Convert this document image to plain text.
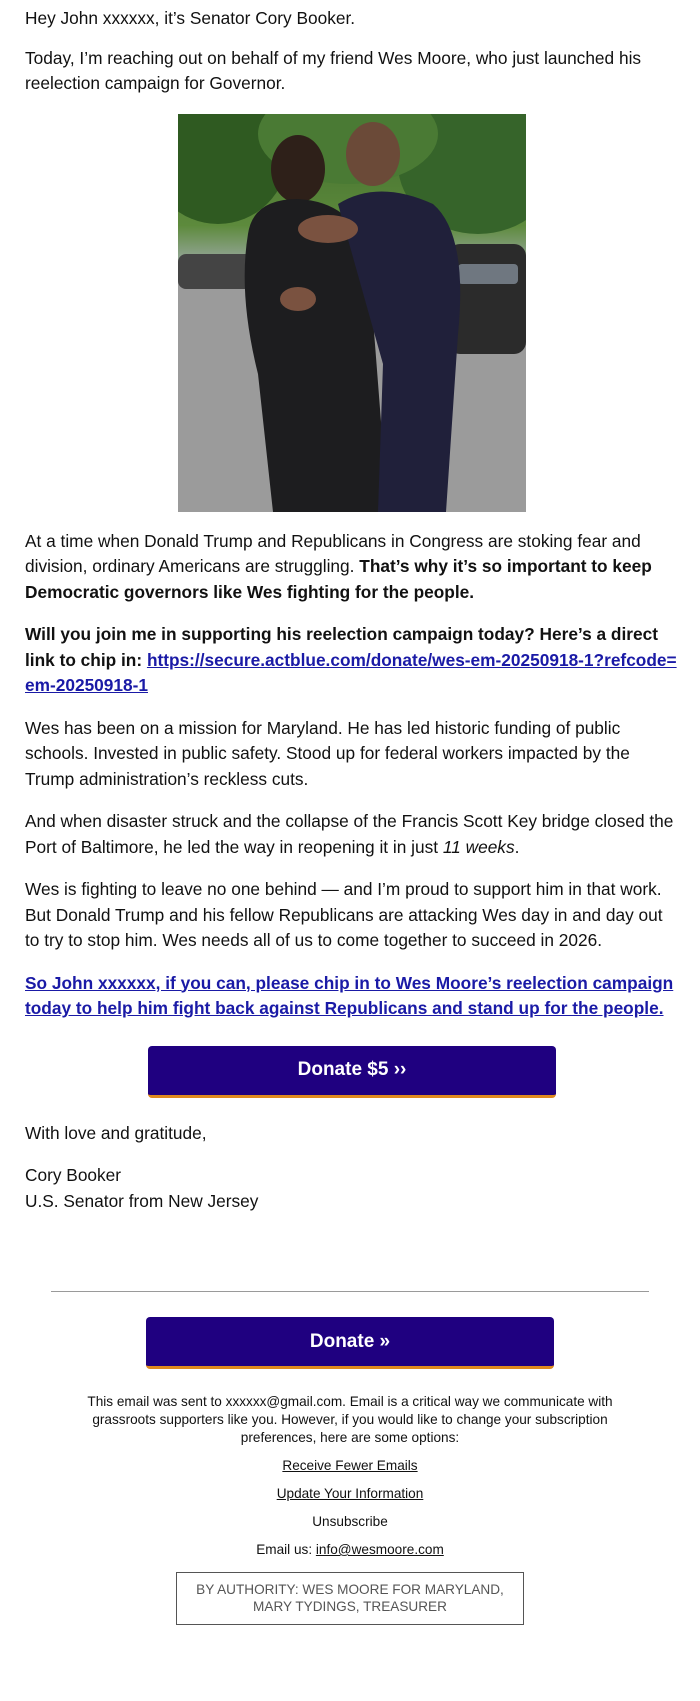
Hey John xxxxxx, it’s Senator Cory Booker.

Today, I’m reaching out on behalf of my friend Wes Moore, who just launched his reelection campaign for Governor.

At a time when Donald Trump and Republicans in Congress are stoking fear and division, ordinary Americans are struggling. That’s why it’s so important to keep Democratic governors like Wes fighting for the people.

Will you join me in supporting his reelection campaign today? Here’s a direct link to chip in: https://secure.actblue.com/donate/wes-em-20250918-1?refcode=em-20250918-1

Wes has been on a mission for Maryland. He has led historic funding of public schools. Invested in public safety. Stood up for federal workers impacted by the Trump administration’s reckless cuts.

And when disaster struck and the collapse of the Francis Scott Key bridge closed the Port of Baltimore, he led the way in reopening it in just 11 weeks.

Wes is fighting to leave no one behind — and I’m proud to support him in that work. But Donald Trump and his fellow Republicans are attacking Wes day in and day out to try to stop him. Wes needs all of us to come together to succeed in 2026.

So John xxxxxx, if you can, please chip in to Wes Moore’s reelection campaign today to help him fight back against Republicans and stand up for the people.

Donate $5 ››

With love and gratitude,

Cory Booker

U.S. Senator from New Jersey

Donate »
This email was sent to xxxxxx@gmail.com. Email is a critical way we communicate with grassroots supporters like you. However, if you would like to change your subscription preferences, here are some options:
Receive Fewer Emails
Update Your Information
Unsubscribe
Email us: info@wesmoore.com
BY AUTHORITY: WES MOORE FOR MARYLAND,
MARY TYDINGS, TREASURER
